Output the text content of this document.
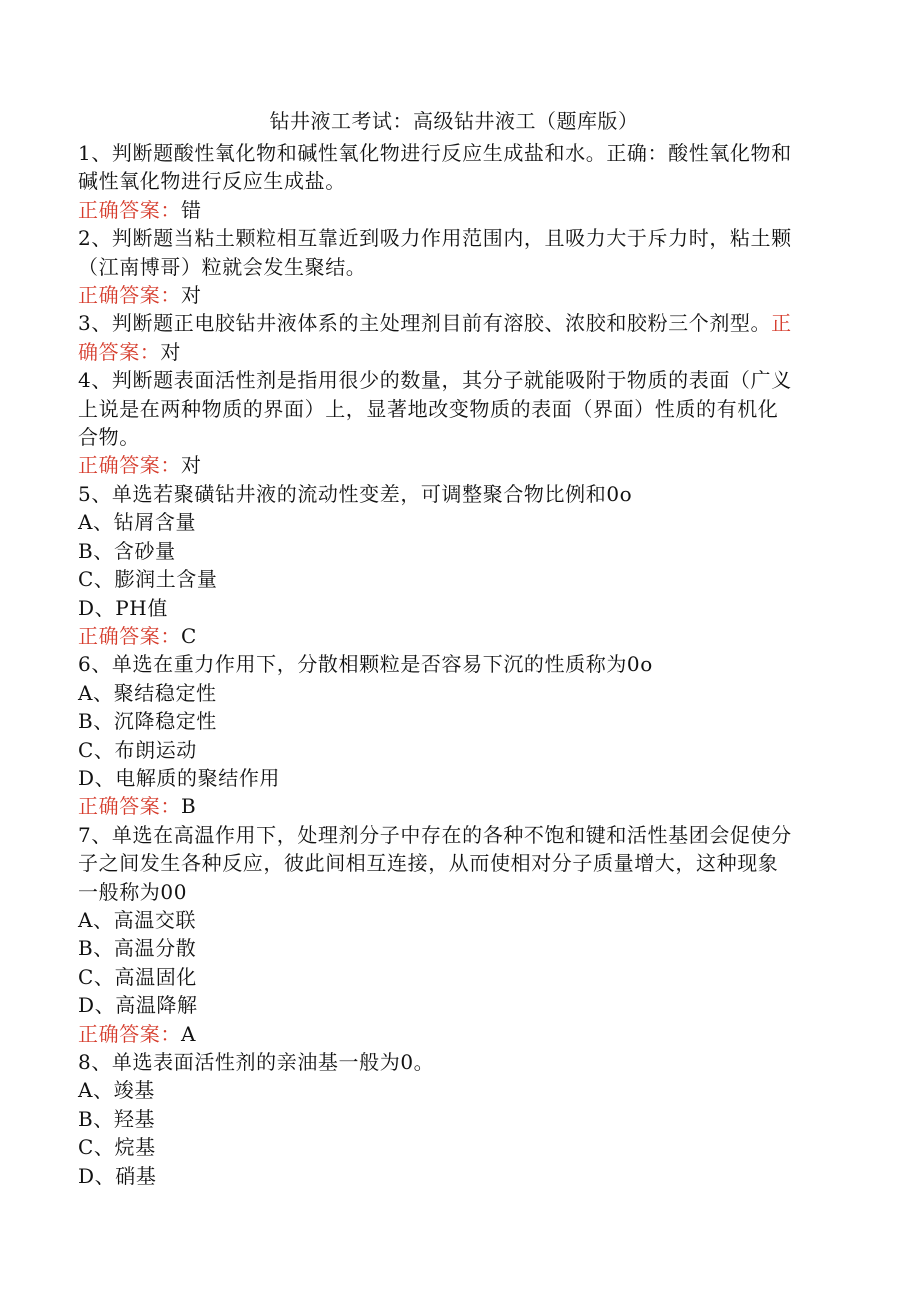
钻井液工考试：高级钻井液工（题库版）
1、判断题酸性氧化物和碱性氧化物进行反应生成盐和水。正确：酸性氧化物和
碱性氧化物进行反应生成盐。
正确答案：错
2、判断题当粘土颗粒相互靠近到吸力作用范围内，且吸力大于斥力时，粘土颗
（江南博哥）粒就会发生聚结。
正确答案：对
3、判断题正电胶钻井液体系的主处理剂目前有溶胶、浓胶和胶粉三个剂型。正
确答案：对
4、判断题表面活性剂是指用很少的数量，其分子就能吸附于物质的表面（广义
上说是在两种物质的界面）上，显著地改变物质的表面（界面）性质的有机化
合物。
正确答案：对
5、单选若聚磺钻井液的流动性变差，可调整聚合物比例和0o
A、钻屑含量
B、含砂量
C、膨润土含量
D、PH值
正确答案：C
6、单选在重力作用下，分散相颗粒是否容易下沉的性质称为0o
A、聚结稳定性
B、沉降稳定性
C、布朗运动
D、电解质的聚结作用
正确答案：B
7、单选在高温作用下，处理剂分子中存在的各种不饱和键和活性基团会促使分
子之间发生各种反应，彼此间相互连接，从而使相对分子质量增大，这种现象
一般称为00
A、高温交联
B、高温分散
C、高温固化
D、高温降解
正确答案：A
8、单选表面活性剂的亲油基一般为0。
A、竣基
B、羟基
C、烷基
D、硝基
